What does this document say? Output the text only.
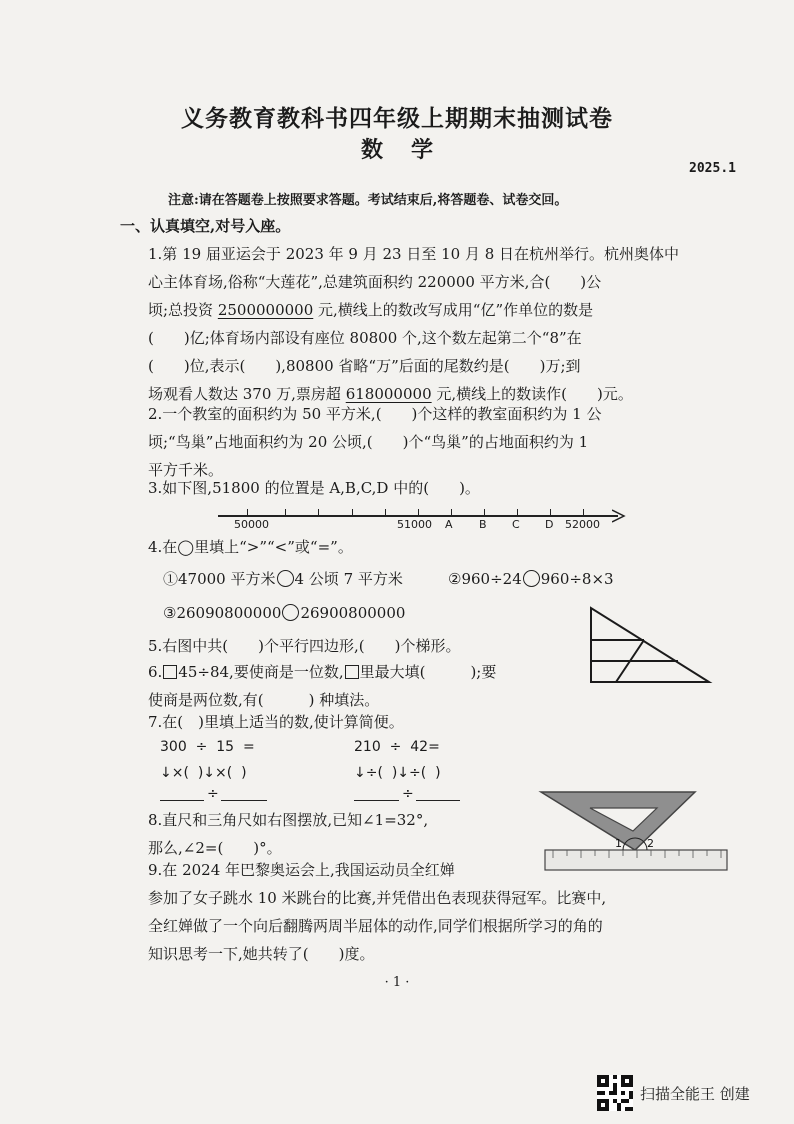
义务教育教科书四年级上期期末抽测试卷
数学
2025.1
注意:请在答题卷上按照要求答题。考试结束后,将答题卷、试卷交回。
一、认真填空,对号入座。
1.第 19 届亚运会于 2023 年 9 月 23 日至 10 月 8 日在杭州举行。杭州奥体中
心主体育场,俗称“大莲花”,总建筑面积约 220000 平方米,合(　　)公
顷;总投资 2500000000 元,横线上的数改写成用“亿”作单位的数是
(　　)亿;体育场内部设有座位 80800 个,这个数左起第二个“8”在
(　　)位,表示(　　),80800 省略“万”后面的尾数约是(　　)万;到
场观看人数达 370 万,票房超 618000000 元,横线上的数读作(　　)元。
2.一个教室的面积约为 50 平方米,(　　)个这样的教室面积约为 1 公
顷;“鸟巢”占地面积约为 20 公顷,(　　)个“鸟巢”的占地面积约为 1
平方千米。
3.如下图,51800 的位置是 A,B,C,D 中的(　　)。
50000	51000 A B C D 52000
4.在◯里填上“>”“<”或“=”。
①47000 平方米 4 公顷 7 平方米	②960÷24 960÷8×3
③26090800000 26900800000
5.右图中共(　　)个平行四边形,(　　)个梯形。
6. 45÷84,要使商是一位数, 里最大填(　　　);要
使商是两位数,有(　　　) 种填法。
7.在(　)里填上适当的数,使计算简便。
300  ÷  15  =	210  ÷  42=
↓×(  )↓×(  )	↓÷(  )↓÷(  )
÷	÷
8.直尺和三角尺如右图摆放,已知∠1=32°,
那么,∠2=(　　)°。	1 2
9.在 2024 年巴黎奥运会上,我国运动员全红婵
参加了女子跳水 10 米跳台的比赛,并凭借出色表现获得冠军。比赛中,
全红婵做了一个向后翻腾两周半屈体的动作,同学们根据所学习的角的
知识思考一下,她共转了(　　)度。
· 1 ·
扫描全能王 创建
